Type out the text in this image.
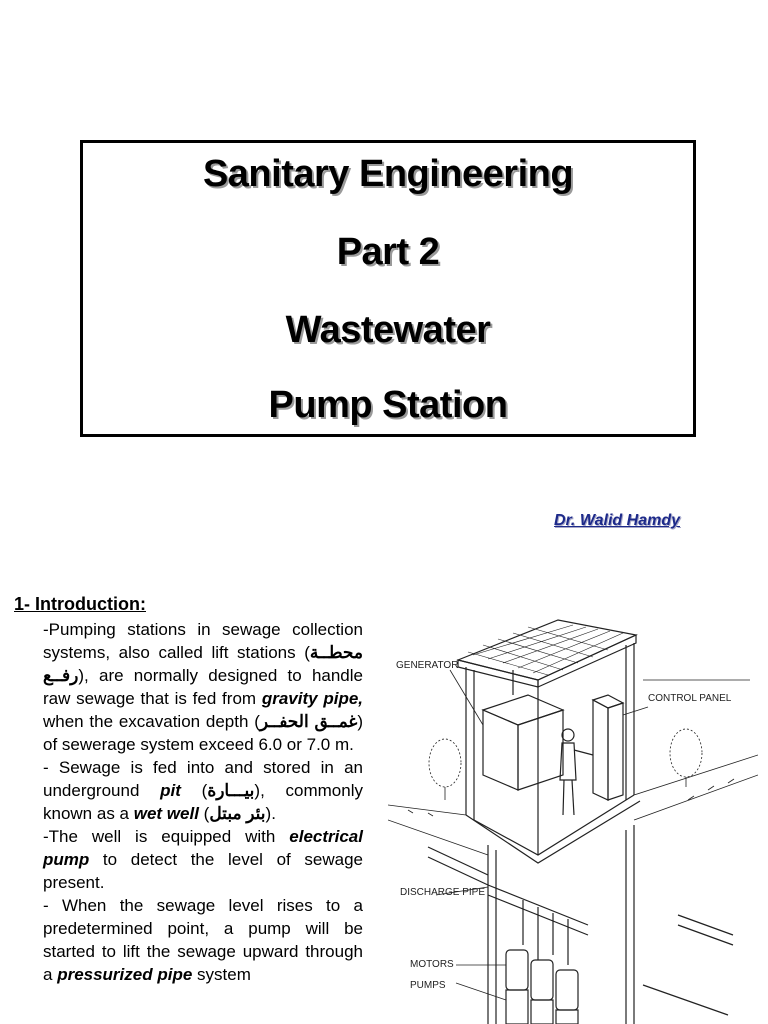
Sanitary Engineering
Part 2
Wastewater
Pump Station
Dr. Walid Hamdy
1- Introduction:

-Pumping stations in sewage collection systems, also called lift stations (محطــة رفــع), are normally designed to handle raw sewage that is fed from gravity pipe, when the excavation depth (غمــق الحفــر) of sewerage system exceed 6.0 or 7.0 m.

- Sewage is fed into and stored in an underground pit (بيـــارة), commonly known as a wet well (بئر مبتل).

-The well is equipped with electrical pump to detect the level of sewage present.

- When the sewage level rises to a predetermined point, a pump will be started to lift the sewage upward through a pressurized pipe system

GENERATOR
CONTROL PANEL
DISCHARGE PIPE
MOTORS
PUMPS
